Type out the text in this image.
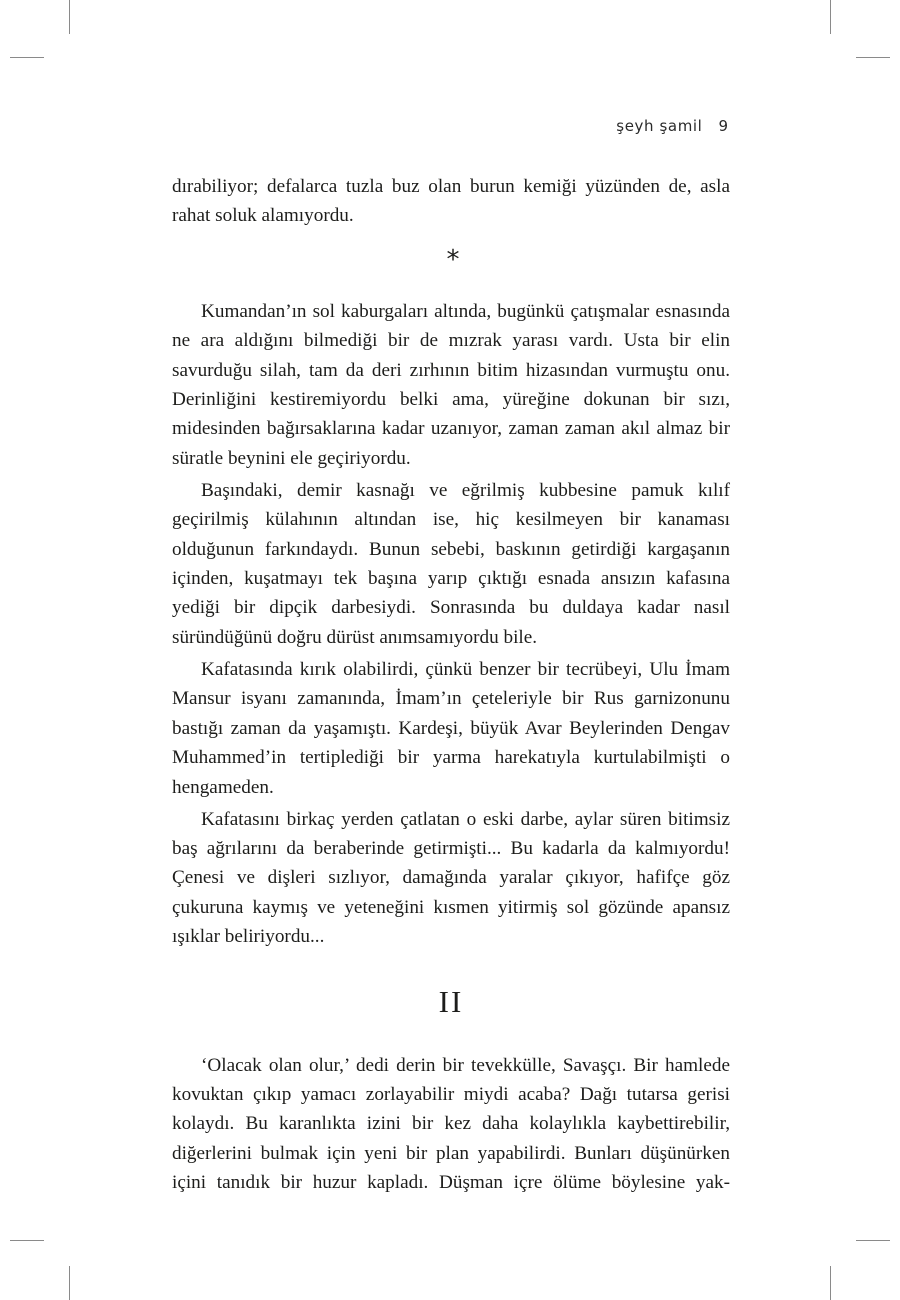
şeyh şamil 9

dırabiliyor; defalarca tuzla buz olan burun kemiği yüzünden de, asla rahat soluk alamıyordu.

*

Kumandan’ın sol kaburgaları altında, bugünkü çatışmalar esnasında ne ara aldığını bilmediği bir de mızrak yarası vardı. Usta bir elin savurduğu silah, tam da deri zırhının bitim hizasından vurmuştu onu. Derinliğini kestiremiyordu belki ama, yüreğine dokunan bir sızı, midesinden bağırsaklarına kadar uzanıyor, zaman zaman akıl almaz bir süratle beynini ele geçiriyordu.

Başındaki, demir kasnağı ve eğrilmiş kubbesine pamuk kılıf geçirilmiş külahının altından ise, hiç kesilmeyen bir kanaması olduğunun farkındaydı. Bunun sebebi, baskının getirdiği kargaşanın içinden, kuşatmayı tek başına yarıp çıktığı esnada ansızın kafasına yediği bir dipçik darbesiydi. Sonrasında bu duldaya kadar nasıl süründüğünü doğru dürüst anımsamıyordu bile.

Kafatasında kırık olabilirdi, çünkü benzer bir tecrübeyi, Ulu İmam Mansur isyanı zamanında, İmam’ın çeteleriyle bir Rus garnizonunu bastığı zaman da yaşamıştı. Kardeşi, büyük Avar Beylerinden Dengav Muhammed’in tertiplediği bir yarma harekatıyla kurtulabilmişti o hengameden.

Kafatasını birkaç yerden çatlatan o eski darbe, aylar süren bitimsiz baş ağrılarını da beraberinde getirmişti... Bu kadarla da kalmıyordu! Çenesi ve dişleri sızlıyor, damağında yaralar çıkıyor, hafifçe göz çukuruna kaymış ve yeteneğini kısmen yitirmiş sol gözünde apansız ışıklar beliriyordu...

II

‘Olacak olan olur,’ dedi derin bir tevekkülle, Savaşçı. Bir hamlede kovuktan çıkıp yamacı zorlayabilir miydi acaba? Dağı tutarsa gerisi kolaydı. Bu karanlıkta izini bir kez daha kolaylıkla kaybettirebilir, diğerlerini bulmak için yeni bir plan yapabilirdi. Bunları düşünürken içini tanıdık bir huzur kapladı. Düşman içre ölüme böylesine yak-
